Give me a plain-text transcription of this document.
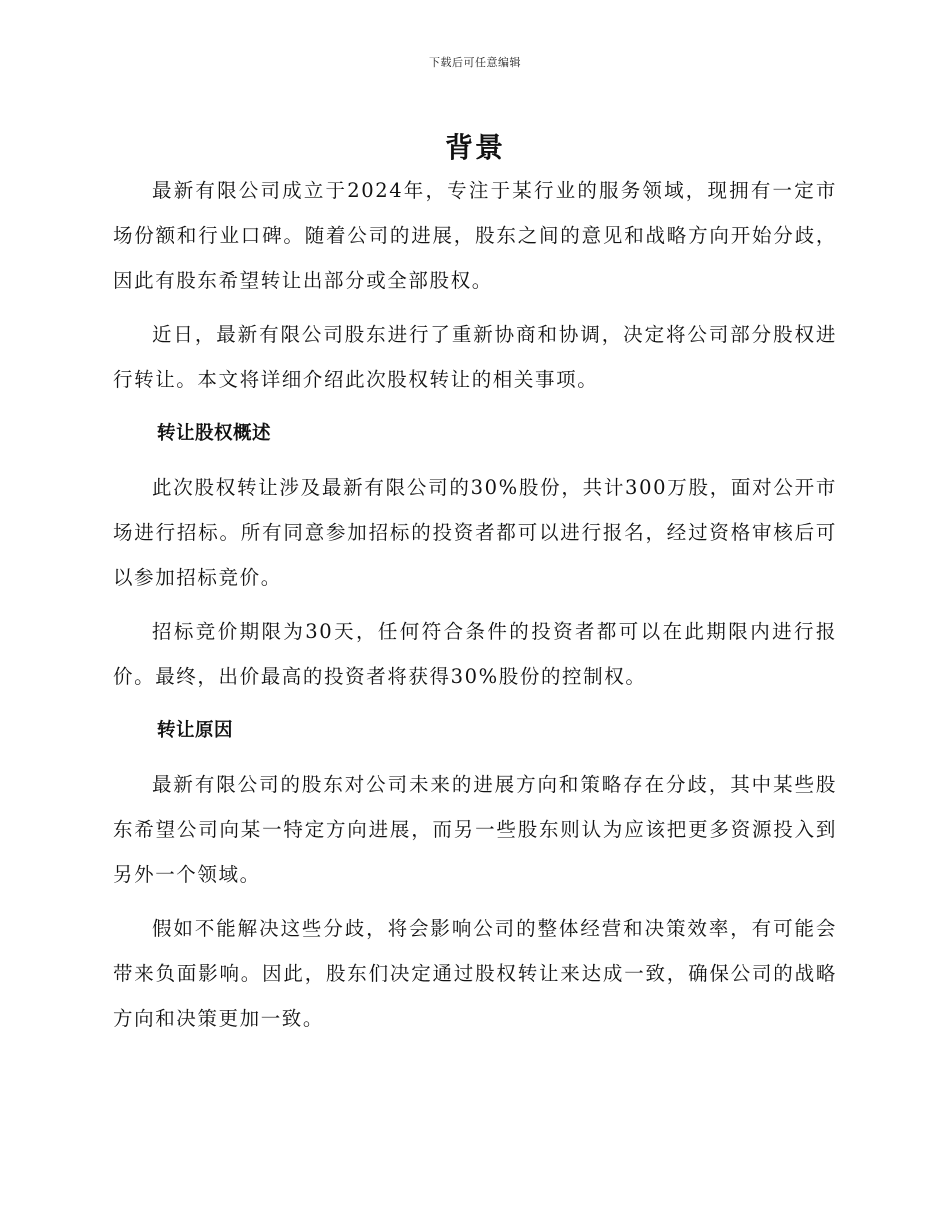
下载后可任意编辑
背景

最新有限公司成立于2024年，专注于某行业的服务领域，现拥有一定市场份额和行业口碑。随着公司的进展，股东之间的意见和战略方向开始分歧，因此有股东希望转让出部分或全部股权。

近日，最新有限公司股东进行了重新协商和协调，决定将公司部分股权进行转让。本文将详细介绍此次股权转让的相关事项。

转让股权概述

此次股权转让涉及最新有限公司的30%股份，共计300万股，面对公开市场进行招标。所有同意参加招标的投资者都可以进行报名，经过资格审核后可以参加招标竞价。

招标竞价期限为30天，任何符合条件的投资者都可以在此期限内进行报价。最终，出价最高的投资者将获得30%股份的控制权。

转让原因

最新有限公司的股东对公司未来的进展方向和策略存在分歧，其中某些股东希望公司向某一特定方向进展，而另一些股东则认为应该把更多资源投入到另外一个领域。

假如不能解决这些分歧，将会影响公司的整体经营和决策效率，有可能会带来负面影响。因此，股东们决定通过股权转让来达成一致，确保公司的战略方向和决策更加一致。
